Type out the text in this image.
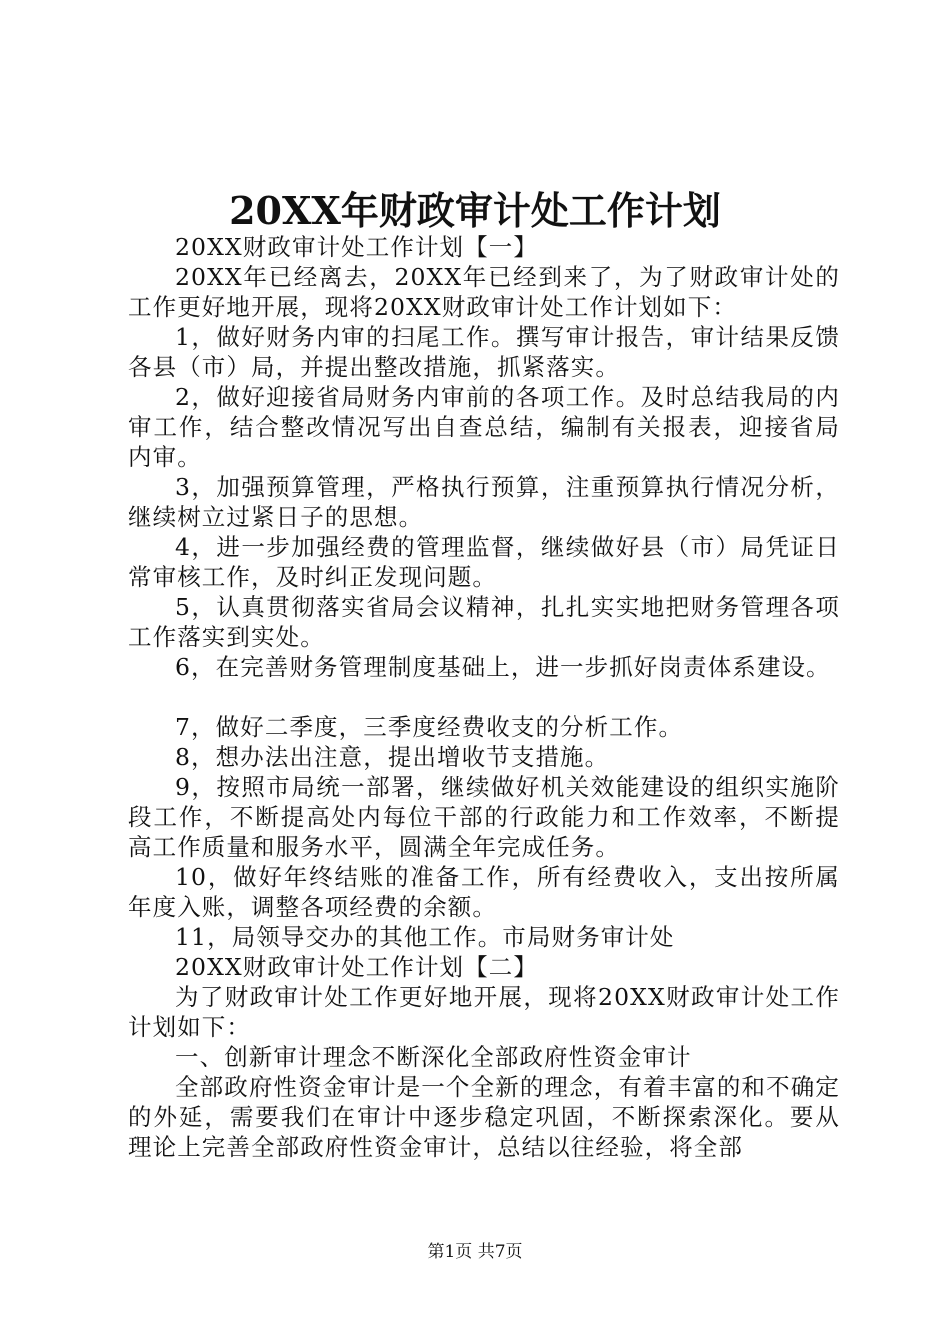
20XX年财政审计处工作计划

20XX财政审计处工作计划【一】

20XX年已经离去，20XX年已经到来了，为了财政审计处的工作更好地开展，现将20XX财政审计处工作计划如下：

1，做好财务内审的扫尾工作。撰写审计报告，审计结果反馈各县（市）局，并提出整改措施，抓紧落实。

2，做好迎接省局财务内审前的各项工作。及时总结我局的内审工作，结合整改情况写出自查总结，编制有关报表，迎接省局内审。

3，加强预算管理，严格执行预算，注重预算执行情况分析，继续树立过紧日子的思想。

4，进一步加强经费的管理监督，继续做好县（市）局凭证日常审核工作，及时纠正发现问题。

5，认真贯彻落实省局会议精神，扎扎实实地把财务管理各项工作落实到实处。

6，在完善财务管理制度基础上，进一步抓好岗责体系建设。

7，做好二季度，三季度经费收支的分析工作。

8，想办法出注意，提出增收节支措施。

9，按照市局统一部署，继续做好机关效能建设的组织实施阶段工作，不断提高处内每位干部的行政能力和工作效率，不断提高工作质量和服务水平，圆满全年完成任务。

10，做好年终结账的准备工作，所有经费收入，支出按所属年度入账，调整各项经费的余额。

11，局领导交办的其他工作。市局财务审计处

20XX财政审计处工作计划【二】

为了财政审计处工作更好地开展，现将20XX财政审计处工作计划如下：

一、创新审计理念不断深化全部政府性资金审计

全部政府性资金审计是一个全新的理念，有着丰富的和不确定的外延，需要我们在审计中逐步稳定巩固，不断探索深化。要从理论上完善全部政府性资金审计，总结以往经验，将全部

第1页 共7页
